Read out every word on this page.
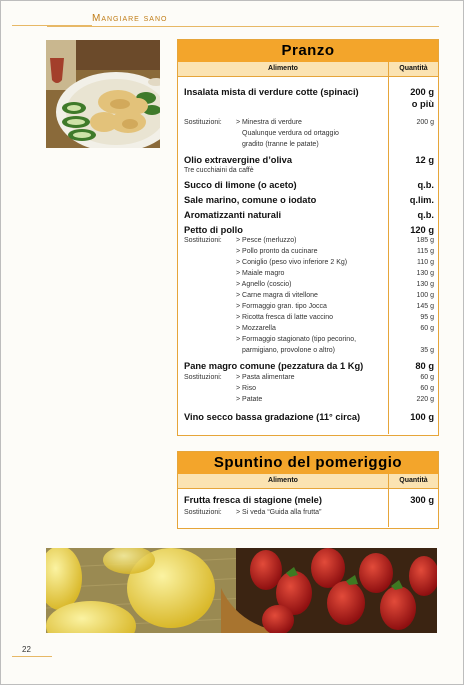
Mangiare sano
Pranzo
Alimento	Quantità
Insalata mista di verdure cotte (spinaci)	200 g
o più
Sostituzioni: > Minestra di verdure	200 g
Qualunque verdura od ortaggio
gradito (tranne le patate)
Olio extravergine d’oliva	12 g
Tre cucchiaini da caffè
Succo di limone (o aceto)	q.b.
Sale marino, comune o iodato	q.lim.
Aromatizzanti naturali	q.b.
Petto di pollo	120 g
Sostituzioni: > Pesce (merluzzo)	185 g
> Pollo pronto da cucinare	115 g
> Coniglio (peso vivo inferiore 2 Kg)	110 g
> Maiale magro	130 g
> Agnello (coscio)	130 g
> Carne magra di vitellone	100 g
> Formaggio gran. tipo Jocca	145 g
> Ricotta fresca di latte vaccino	95 g
> Mozzarella	60 g
> Formaggio stagionato (tipo pecorino,
parmigiano, provolone o altro)	35 g
Pane magro comune (pezzatura da 1 Kg)	80 g
Sostituzioni: > Pasta alimentare	60 g
> Riso	60 g
> Patate	220 g
Vino secco bassa gradazione (11° circa)	100 g
Spuntino del pomeriggio
Alimento	Quantità
Frutta fresca di stagione (mele)	300 g
Sostituzioni: > Si veda “Guida alla frutta”
22
